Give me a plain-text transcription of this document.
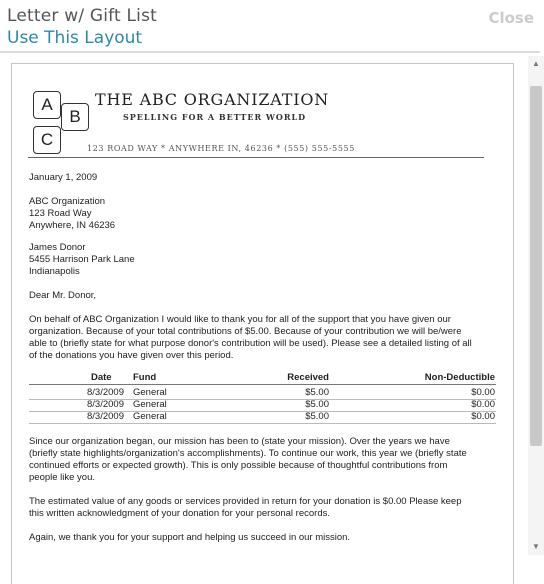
Letter w/ Gift List
Use This Layout
Close
A
B
C
THE ABC ORGANIZATION
SPELLING FOR A BETTER WORLD
123 ROAD WAY * ANYWHERE IN, 46236 * (555) 555-5555
January 1, 2009
ABC Organization
123 Road Way
Anywhere, IN 46236
James Donor
5455 Harrison Park Lane
Indianapolis
Dear Mr. Donor,
On behalf of ABC Organization I would like to thank you for all of the support that you have given our
organization. Because of your total contributions of $5.00. Because of your contribution we will be/were
able to (briefly state for what purpose donor's contribution will be used). Please see a detailed listing of all
of the donations you have given over this period.
Date Fund	Received	Non-Deductible
8/3/2009 General	$5.00	$0.00
8/3/2009 General	$5.00	$0.00
8/3/2009 General	$5.00	$0.00
Since our organization began, our mission has been to (state your mission). Over the years we have
(briefly state highlights/organization's accomplishments). To continue our work, this year we (briefly state
continued efforts or expected growth). This is only possible because of thoughtful contributions from
people like you.
The estimated value of any goods or services provided in return for your donation is $0.00 Please keep
this written acknowledgment of your donation for your personal records.
Again, we thank you for your support and helping us succeed in our mission.
▲
▼
